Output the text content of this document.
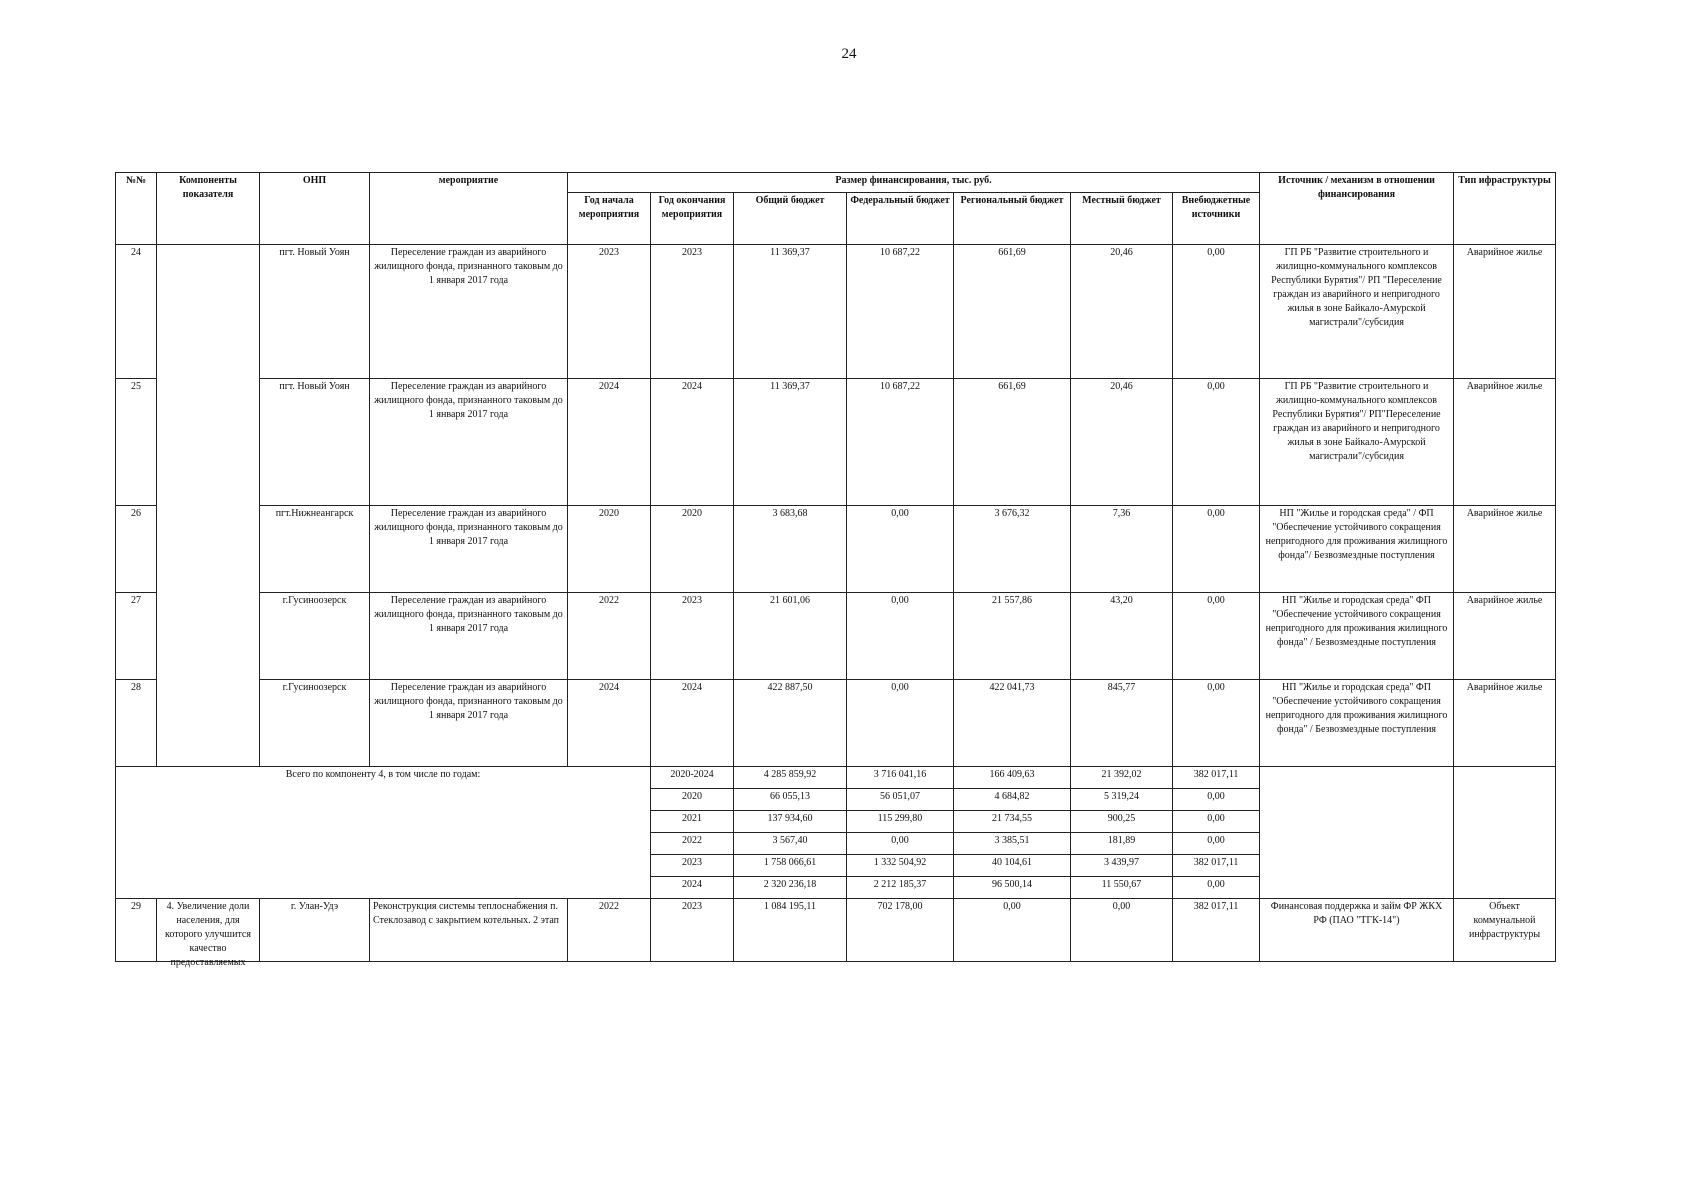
24
№№	Компоненты показателя	ОНП	мероприятие	Размер финансирования, тыс. руб.							Источник / механизм в отношении финансирования	Тип ифраструктуры
				Год начала мероприятия	Год окончания мероприятия	Общий бюджет	Федеральный бюджет	Региональный бюджет	Местный бюджет	Внебюджетные источники		
24		пгт. Новый Уоян	Переселение граждан из аварийного жилищного фонда, признанного таковым до 1 января 2017 года	2023	2023	11 369,37	10 687,22	661,69	20,46	0,00	ГП РБ "Развитие строительного и жилищно-коммунального комплексов Республики Бурятия"/ РП "Переселение граждан из аварийного и непригодного жилья в зоне Байкало-Амурской магистрали"/субсидия	Аварийное жилье
25		пгт. Новый Уоян	Переселение граждан из аварийного жилищного фонда, признанного таковым до 1 января 2017 года	2024	2024	11 369,37	10 687,22	661,69	20,46	0,00	ГП РБ "Развитие строительного и жилищно-коммунального комплексов Республики Бурятия"/ РП"Переселение граждан из аварийного и непригодного жилья в зоне Байкало-Амурской магистрали"/субсидия	Аварийное жилье
26		пгт.Нижнеангарск	Переселение граждан из аварийного жилищного фонда, признанного таковым до 1 января 2017 года	2020	2020	3 683,68	0,00	3 676,32	7,36	0,00	НП "Жилье и городская среда" / ФП "Обеспечение устойчивого сокращения непригодного для проживания жилищного фонда"/ Безвозмездные поступления	Аварийное жилье
27		г.Гусиноозерск	Переселение граждан из аварийного жилищного фонда, признанного таковым до 1 января 2017 года	2022	2023	21 601,06	0,00	21 557,86	43,20	0,00	НП "Жилье и городская среда" ФП "Обеспечение устойчивого сокращения непригодного для проживания жилищного фонда" / Безвозмездные поступления	Аварийное жилье
28		г.Гусиноозерск	Переселение граждан из аварийного жилищного фонда, признанного таковым до 1 января 2017 года	2024	2024	422 887,50	0,00	422 041,73	845,77	0,00	НП "Жилье и городская среда" ФП "Обеспечение устойчивого сокращения непригодного для проживания жилищного фонда" / Безвозмездные поступления	Аварийное жилье
Всего по компоненту 4, в том числе по годам:					2020-2024	4 285 859,92	3 716 041,16	166 409,63	21 392,02	382 017,11		
					2020	66 055,13	56 051,07	4 684,82	5 319,24	0,00		
					2021	137 934,60	115 299,80	21 734,55	900,25	0,00		
					2022	3 567,40	0,00	3 385,51	181,89	0,00		
					2023	1 758 066,61	1 332 504,92	40 104,61	3 439,97	382 017,11		
					2024	2 320 236,18	2 212 185,37	96 500,14	11 550,67	0,00		
29	4. Увеличение доли населения, для которого улучшится качество предоставляемых	г. Улан-Удэ	Реконструкция системы теплоснабжения п. Стеклозавод с закрытием котельных. 2 этап	2022	2023	1 084 195,11	702 178,00	0,00	0,00	382 017,11	Финансовая поддержка и займ ФР ЖКХ РФ (ПАО "ТГК-14")	Объект коммунальной инфраструктуры
